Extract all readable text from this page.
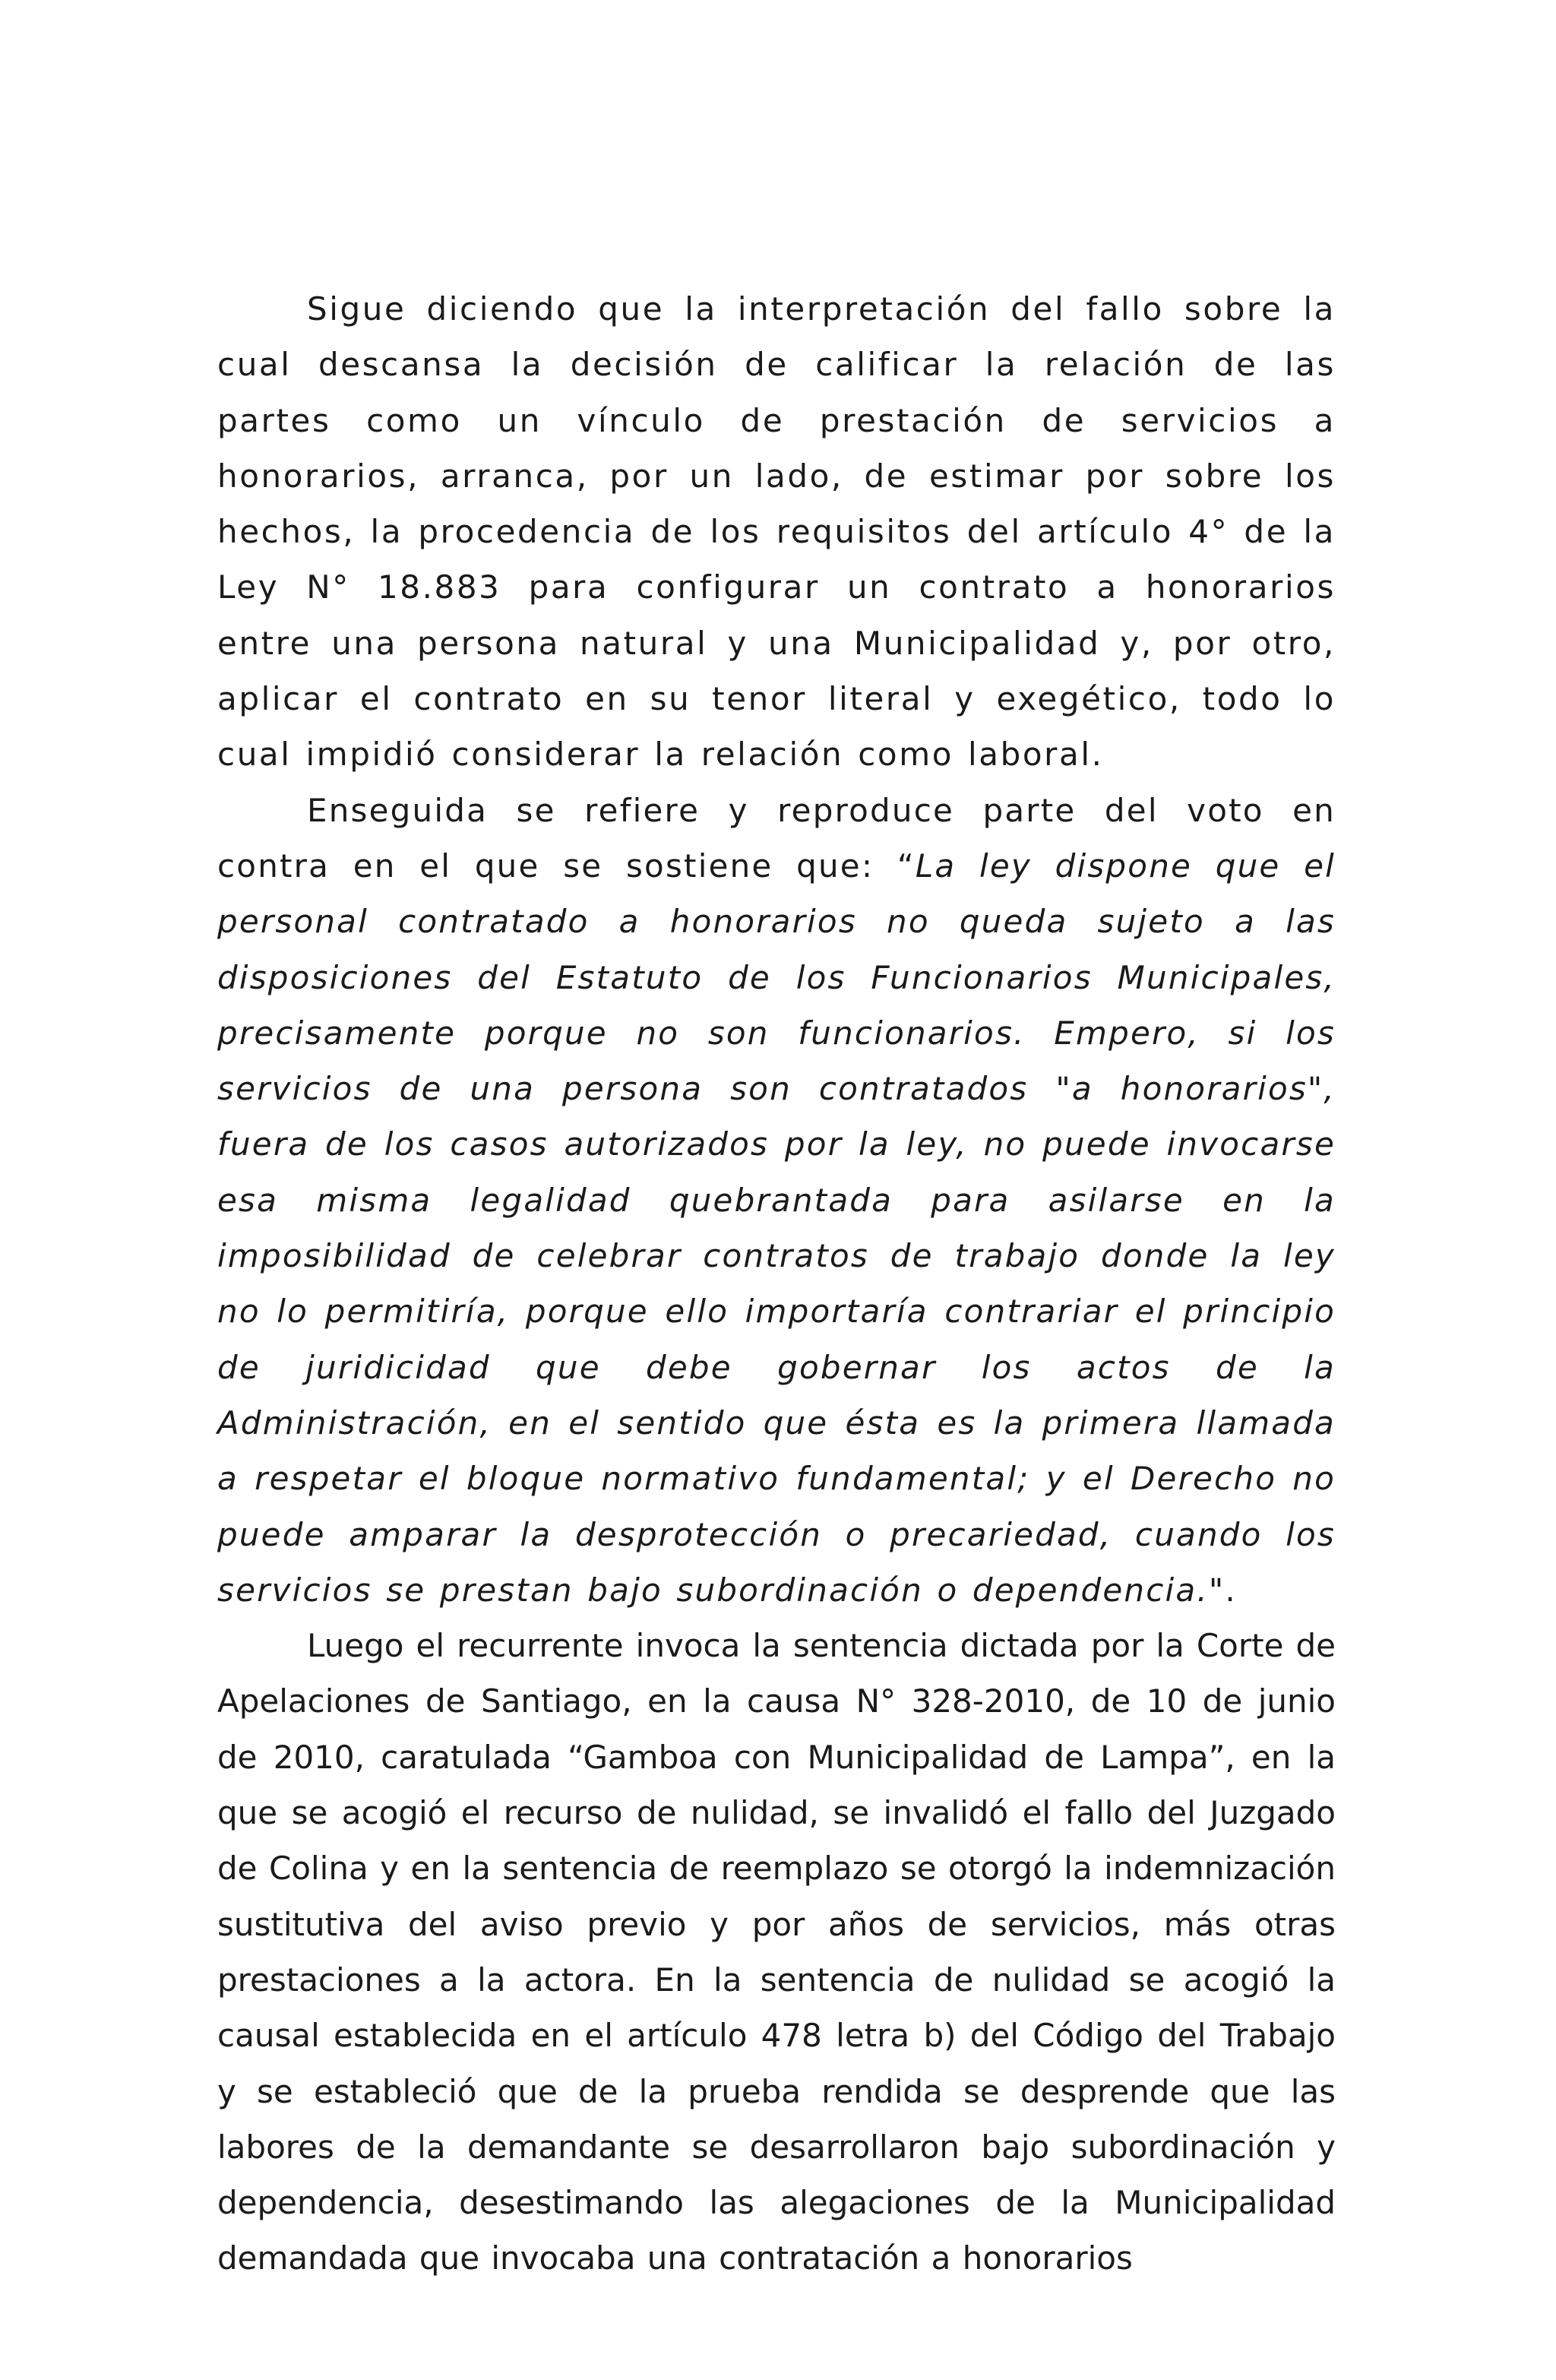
Sigue diciendo que la interpretación del fallo sobre la cual descansa la decisión de calificar la relación de las partes como un vínculo de prestación de servicios a honorarios, arranca, por un lado, de estimar por sobre los hechos, la procedencia de los requisitos del artículo 4° de la Ley N° 18.883 para configurar un contrato a honorarios entre una persona natural y una Municipalidad y, por otro, aplicar el contrato en su tenor literal y exegético, todo lo cual impidió considerar la relación como laboral.

Enseguida se refiere y reproduce parte del voto en contra en el que se sostiene que: “La ley dispone que el personal contratado a honorarios no queda sujeto a las disposiciones del Estatuto de los Funcionarios Municipales, precisamente porque no son funcionarios. Empero, si los servicios de una persona son contratados "a honorarios", fuera de los casos autorizados por la ley, no puede invocarse esa misma legalidad quebrantada para asilarse en la imposibilidad de celebrar contratos de trabajo donde la ley no lo permitiría, porque ello importaría contrariar el principio de juridicidad que debe gobernar los actos de la Administración, en el sentido que ésta es la primera llamada a respetar el bloque normativo fundamental; y el Derecho no puede amparar la desprotección o precariedad, cuando los servicios se prestan bajo subordinación o dependencia.".

Luego el recurrente invoca la sentencia dictada por la Corte de Apelaciones de Santiago, en la causa N° 328-2010, de 10 de junio de 2010, caratulada “Gamboa con Municipalidad de Lampa”, en la que se acogió el recurso de nulidad, se invalidó el fallo del Juzgado de Colina y en la sentencia de reemplazo se otorgó la indemnización sustitutiva del aviso previo y por años de servicios, más otras prestaciones a la actora. En la sentencia de nulidad se acogió la causal establecida en el artículo 478 letra b) del Código del Trabajo y se estableció que de la prueba rendida se desprende que las labores de la demandante se desarrollaron bajo subordinación y dependencia, desestimando las alegaciones de la Municipalidad demandada que invocaba una contratación a honorarios
